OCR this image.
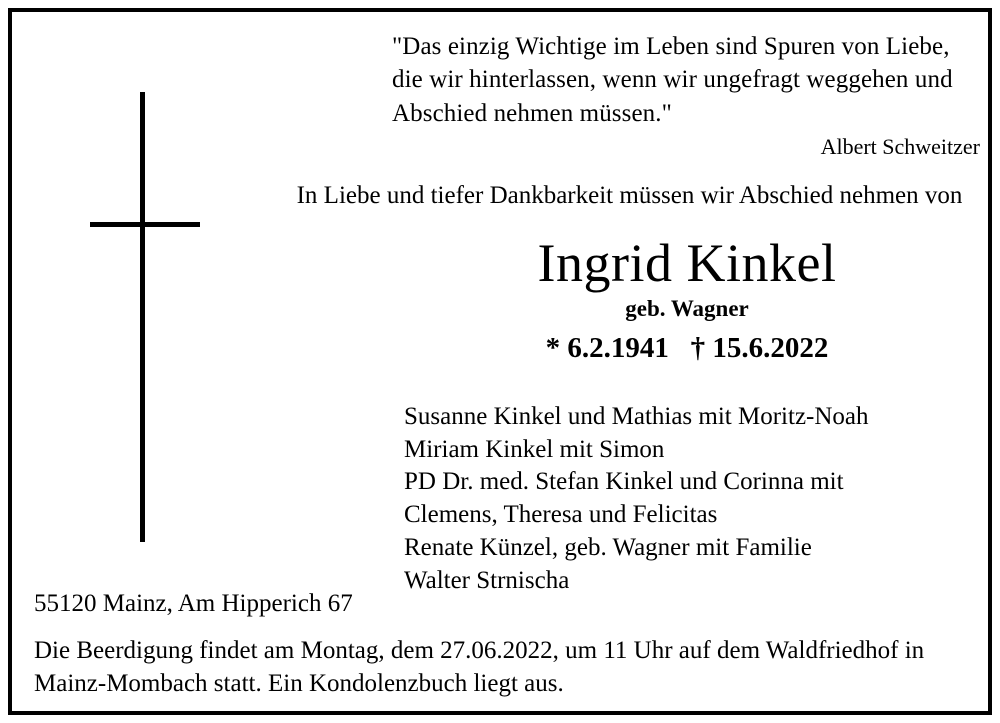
"Das einzig Wichtige im Leben sind Spuren von Liebe, die wir hinterlassen, wenn wir ungefragt weggehen und Abschied nehmen müssen."
Albert Schweitzer
In Liebe und tiefer Dankbarkeit müssen wir Abschied nehmen von
Ingrid Kinkel
geb. Wagner
* 6.2.1941   † 15.6.2022
Susanne Kinkel und Mathias mit Moritz-Noah
Miriam Kinkel mit Simon
PD Dr. med. Stefan Kinkel und Corinna mit
Clemens, Theresa und Felicitas
Renate Künzel, geb. Wagner mit Familie
Walter Strnischa
55120 Mainz, Am Hipperich 67
Die Beerdigung findet am Montag, dem 27.06.2022, um 11 Uhr auf dem Waldfriedhof in Mainz-Mombach statt. Ein Kondolenzbuch liegt aus.
